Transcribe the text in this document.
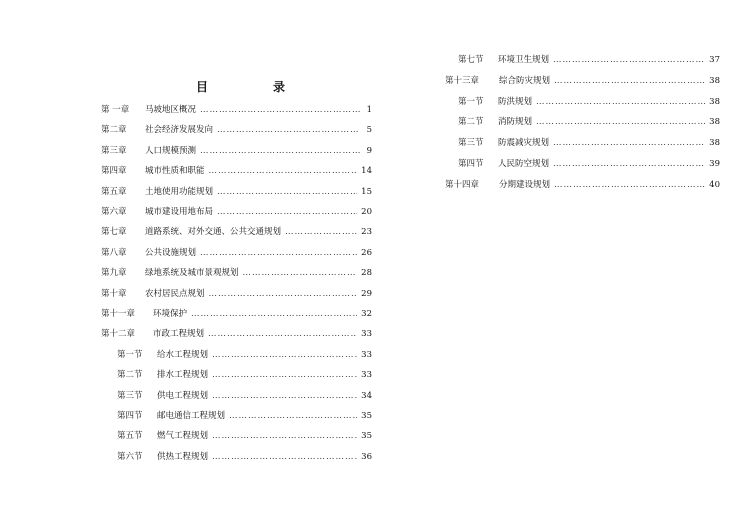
目	录
第 一章	马坡地区概况 ………………………………………………………………………………………………………………………………………………	1
第二章	社会经济发展发向 ………………………………………………………………………………………………………………………………………………	5
第三章	人口规模预测 ………………………………………………………………………………………………………………………………………………	9
第四章	城市性质和职能 ………………………………………………………………………………………………………………………………………………	14
第五章	土地使用功能规划 ………………………………………………………………………………………………………………………………………………	15
第六章	城市建设用地布局 ………………………………………………………………………………………………………………………………………………	20
第七章	道路系统、对外交通、公共交通规划 ………………………………………………………………………………………………………………………………………………	23
第八章	公共设施规划 ………………………………………………………………………………………………………………………………………………	26
第九章	绿地系统及城市景观规划 ………………………………………………………………………………………………………………………………………………	28
第十章	农村居民点规划 ………………………………………………………………………………………………………………………………………………	29
第十一章	环境保护 ………………………………………………………………………………………………………………………………………………	32
第十二章	市政工程规划 ………………………………………………………………………………………………………………………………………………	33
第一节	给水工程规划 ………………………………………………………………………………………………………………………………………………	33
第二节	排水工程规划 ………………………………………………………………………………………………………………………………………………	33
第三节	供电工程规划 ………………………………………………………………………………………………………………………………………………	34
第四节	邮电通信工程规划 ………………………………………………………………………………………………………………………………………………	35
第五节	燃气工程规划 ………………………………………………………………………………………………………………………………………………	35
第六节	供热工程规划 ………………………………………………………………………………………………………………………………………………	36
第七节	环境卫生规划 ………………………………………………………………………………………………………………………………………………	37
第十三章	综合防灾规划 ………………………………………………………………………………………………………………………………………………	38
第一节	防洪规划 ………………………………………………………………………………………………………………………………………………	38
第二节	消防规划 ………………………………………………………………………………………………………………………………………………	38
第三节	防震减灾规划 ………………………………………………………………………………………………………………………………………………	38
第四节	人民防空规划 ………………………………………………………………………………………………………………………………………………	39
第十四章	分期建设规划 ………………………………………………………………………………………………………………………………………………	40
